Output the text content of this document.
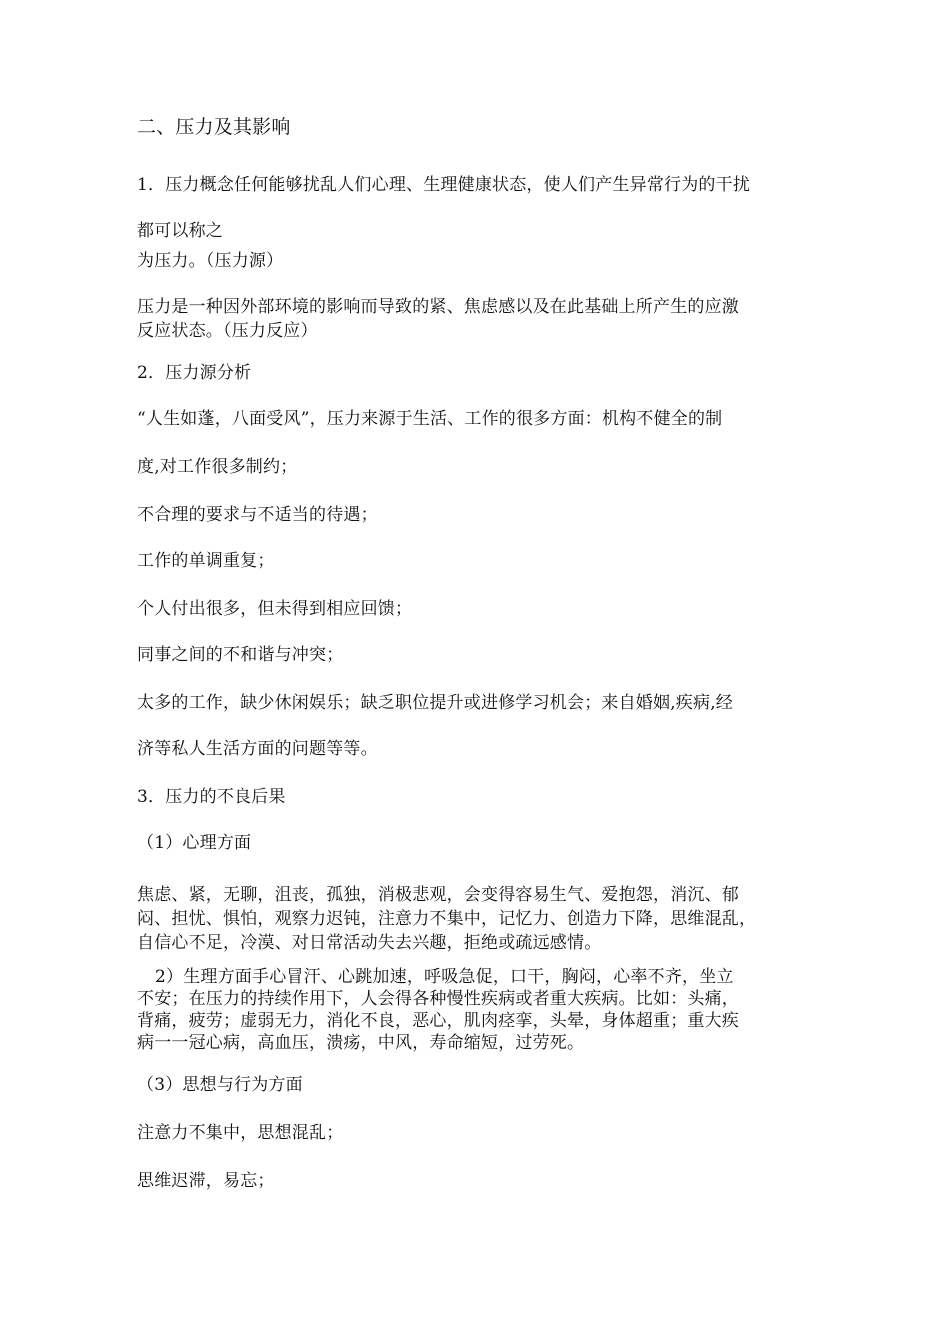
二、压力及其影响
1．压力概念任何能够扰乱人们心理、生理健康状态，使人们产生异常行为的干扰
都可以称之
为压力。（压力源）
压力是一种因外部环境的影响而导致的紧、焦虑感以及在此基础上所产生的应激
反应状态。（压力反应）
2．压力源分析
“人生如蓬，八面受风”，压力来源于生活、工作的很多方面：机构不健全的制
度,对工作很多制约；
不合理的要求与不适当的待遇；
工作的单调重复；
个人付出很多，但未得到相应回馈；
同事之间的不和谐与冲突；
太多的工作，缺少休闲娱乐；缺乏职位提升或进修学习机会；来自婚姻,疾病,经
济等私人生活方面的问题等等。
3．压力的不良后果
（1）心理方面
焦虑、紧，无聊，沮丧，孤独，消极悲观，会变得容易生气、爱抱怨，消沉、郁
闷、担忧、惧怕，观察力迟钝，注意力不集中，记忆力、创造力下降，思维混乱，
自信心不足，冷漠、对日常活动失去兴趣，拒绝或疏远感情。
2）生理方面手心冒汗、心跳加速，呼吸急促，口干，胸闷，心率不齐，坐立
不安；在压力的持续作用下，人会得各种慢性疾病或者重大疾病。比如：头痛，
背痛，疲劳；虚弱无力，消化不良，恶心，肌肉痉挛，头晕，身体超重；重大疾
病一一冠心病，高血压，溃疡，中风，寿命缩短，过劳死。
（3）思想与行为方面
注意力不集中，思想混乱；
思维迟滞，易忘；
